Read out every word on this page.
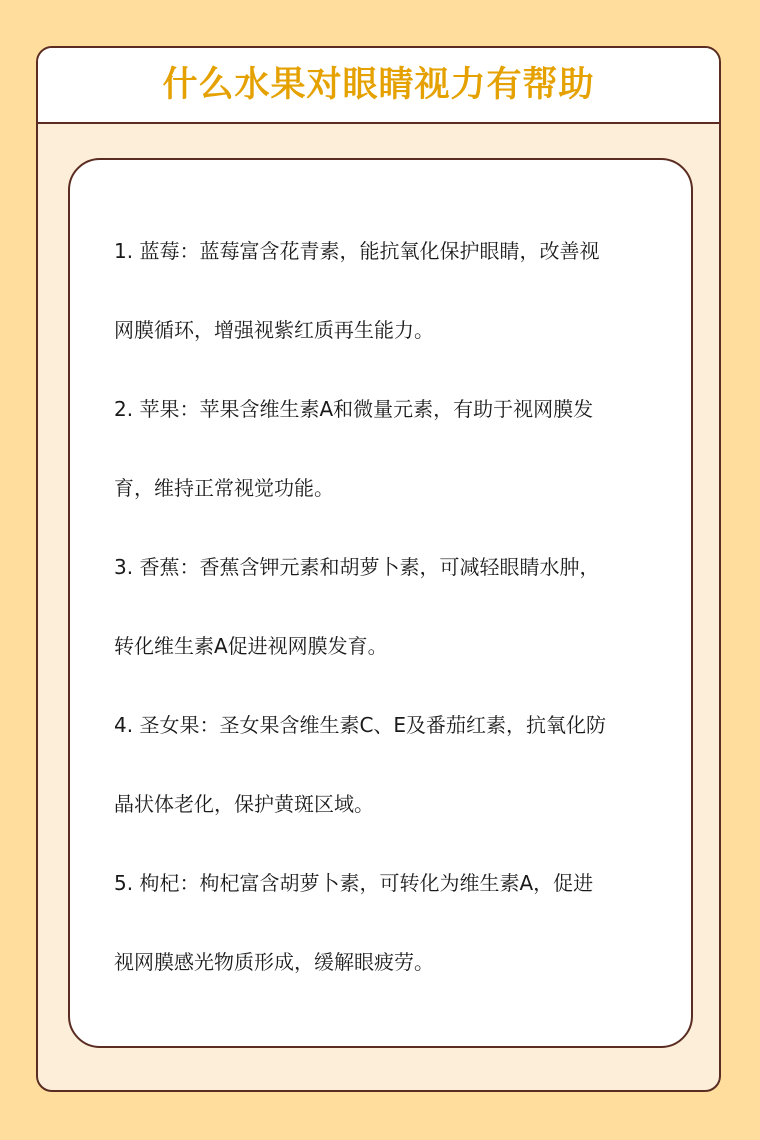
什么水果对眼睛视力有帮助

1. 蓝莓：蓝莓富含花青素，能抗氧化保护眼睛，改善视

网膜循环，增强视紫红质再生能力。

2. 苹果：苹果含维生素A和微量元素，有助于视网膜发

育，维持正常视觉功能。

3. 香蕉：香蕉含钾元素和胡萝卜素，可减轻眼睛水肿，

转化维生素A促进视网膜发育。

4. 圣女果：圣女果含维生素C、E及番茄红素，抗氧化防

晶状体老化，保护黄斑区域。

5. 枸杞：枸杞富含胡萝卜素，可转化为维生素A，促进

视网膜感光物质形成，缓解眼疲劳。
